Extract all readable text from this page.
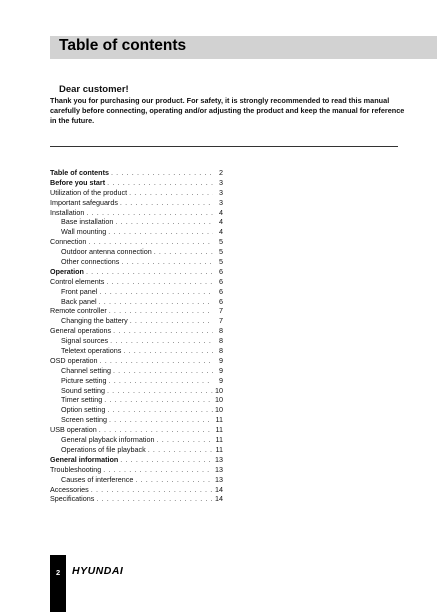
Table of contents
Dear customer!
Thank you for purchasing our product. For safety, it is strongly recommended to read this manual carefully before connecting, operating and/or adjusting the product and keep the manual for reference in the future.
Table of contents . . .	2
Before you start . . .	3
Utilization of the product . . .	3
Important safeguards . . .	3
Installation . . .	4
Base installation . . .	4
Wall mounting . . .	4
Connection . . .	5
Outdoor antenna connection . . .	5
Other connections . . .	5
Operation . . .	6
Control elements . . .	6
Front panel . . .	6
Back panel . . .	6
Remote controller . . .	7
Changing the battery . . .	7
General operations . . .	8
Signal sources . . .	8
Teletext operations . . .	8
OSD operation . . .	9
Channel setting . . .	9
Picture setting . . .	9
Sound setting . . .	10
Timer setting . . .	10
Option setting . . .	10
Screen setting . . .	11
USB operation . . .	11
General playback information . . .	11
Operations of file playback . . .	11
General information . . .	13
Troubleshooting . . .	13
Causes of interference . . .	13
Accessories . . .	14
Specifications . . .	14
2 HYUNDAI
